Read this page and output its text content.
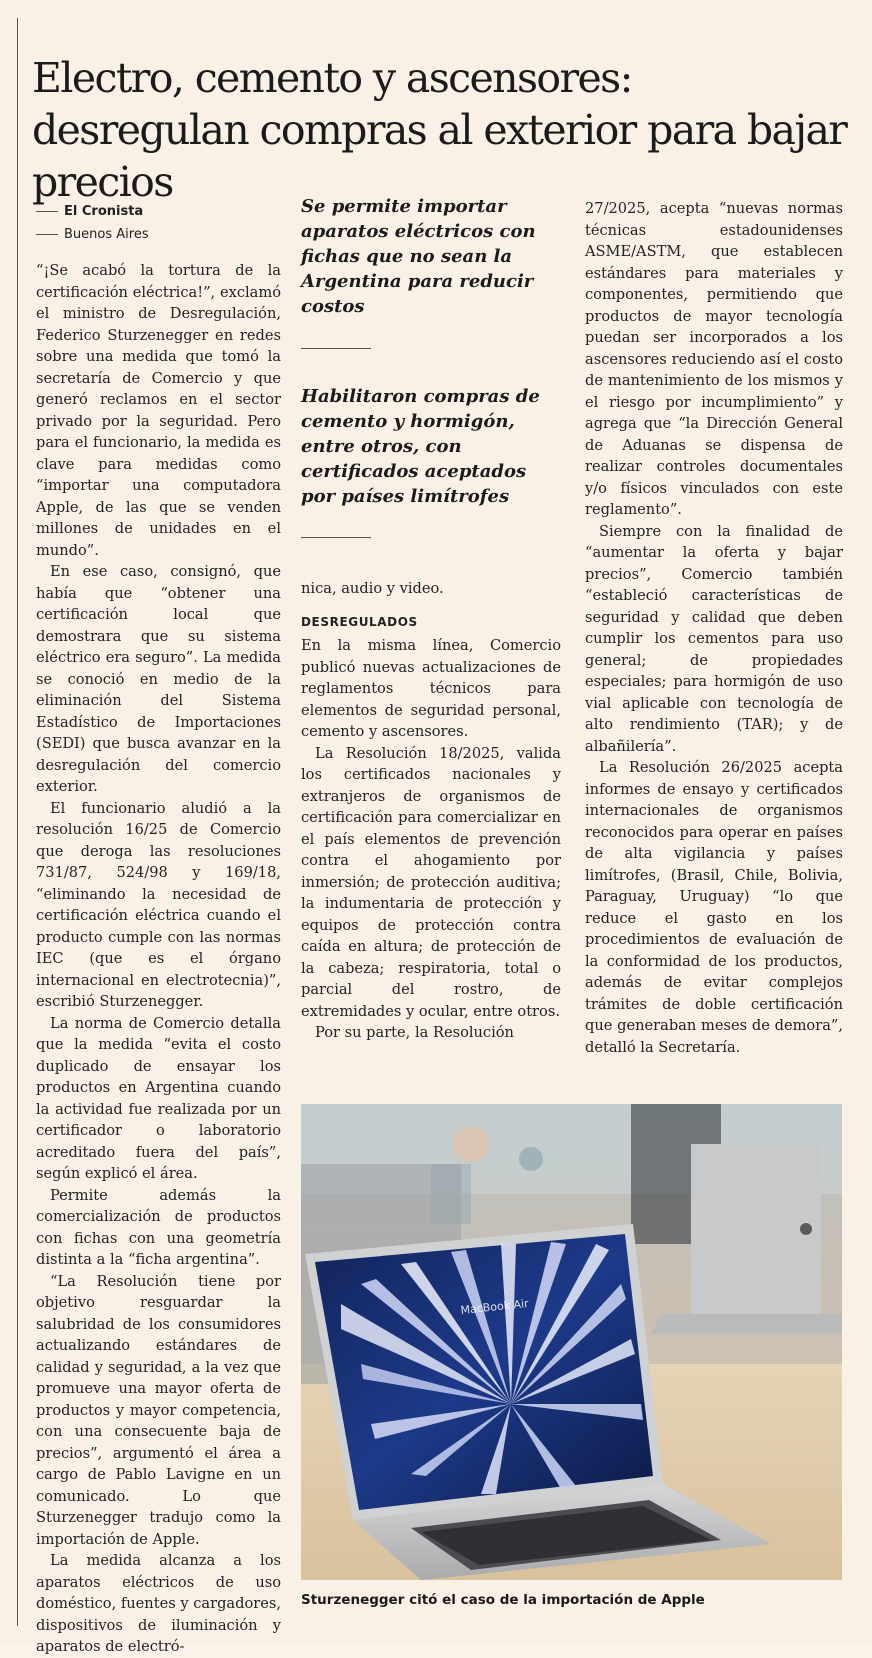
Electro, cemento y ascensores: desregulan compras al exterior para bajar precios
El Cronista
Buenos Aires

“¡Se acabó la tortura de la certificación eléctrica!”, exclamó el ministro de Desregulación, Federico Sturzenegger en redes sobre una medida que tomó la secretaría de Comercio y que generó reclamos en el sector privado por la seguridad. Pero para el funcionario, la medida es clave para medidas como “importar una computadora Apple, de las que se venden millones de unidades en el mundo”.

En ese caso, consignó, que había que “obtener una certificación local que demostrara que su sistema eléctrico era seguro”. La medida se conoció en medio de la eliminación del Sistema Estadístico de Importaciones (SEDI) que busca avanzar en la desregulación del comercio exterior.

El funcionario aludió a la resolución 16/25 de Comercio que deroga las resoluciones 731/87, 524/98 y 169/18, “eliminando la necesidad de certificación eléctrica cuando el producto cumple con las normas IEC (que es el órgano internacional en electrotecnia)”, escribió Sturzenegger.

La norma de Comercio detalla que la medida “evita el costo duplicado de ensayar los productos en Argentina cuando la actividad fue realizada por un certificador o laboratorio acreditado fuera del país”, según explicó el área.

Permite además la comercialización de productos con fichas con una geometría distinta a la “ficha argentina”.

“La Resolución tiene por objetivo resguardar la salubridad de los consumidores actualizando estándares de calidad y seguridad, a la vez que promueve una mayor oferta de productos y mayor competencia, con una consecuente baja de precios”, argumentó el área a cargo de Pablo Lavigne en un comunicado. Lo que Sturzenegger tradujo como la importación de Apple.

La medida alcanza a los aparatos eléctricos de uso doméstico, fuentes y cargadores, dispositivos de iluminación y aparatos de electró-

Se permite importar aparatos eléctricos con fichas que no sean la Argentina para reducir costos

Habilitaron compras de cemento y hormigón, entre otros, con certificados aceptados por países limítrofes

nica, audio y video.

DESREGULADOS

En la misma línea, Comercio publicó nuevas actualizaciones de reglamentos técnicos para elementos de seguridad personal, cemento y ascensores.

La Resolución 18/2025, valida los certificados nacionales y extranjeros de organismos de certificación para comercializar en el país elementos de prevención contra el ahogamiento por inmersión; de protección auditiva; la indumentaria de protección y equipos de protección contra caída en altura; de protección de la cabeza; respiratoria, total o parcial del rostro, de extremidades y ocular, entre otros.

Por su parte, la Resolución

27/2025, acepta “nuevas normas técnicas estadounidenses ASME/ASTM, que establecen estándares para materiales y componentes, permitiendo que productos de mayor tecnología puedan ser incorporados a los ascensores reduciendo así el costo de mantenimiento de los mismos y el riesgo por incumplimiento” y agrega que “la Dirección General de Aduanas se dispensa de realizar controles documentales y/o físicos vinculados con este reglamento”.

Siempre con la finalidad de “aumentar la oferta y bajar precios”, Comercio también “estableció características de seguridad y calidad que deben cumplir los cementos para uso general; de propiedades especiales; para hormigón de uso vial aplicable con tecnología de alto rendimiento (TAR); y de albañilería”.

La Resolución 26/2025 acepta informes de ensayo y certificados internacionales de organismos reconocidos para operar en países de alta vigilancia y países limítrofes, (Brasil, Chile, Bolivia, Paraguay, Uruguay) “lo que reduce el gasto en los procedimientos de evaluación de la conformidad de los productos, además de evitar complejos trámites de doble certificación que generaban meses de demora”, detalló la Secretaría.

MacBook Air
Sturzenegger citó el caso de la importación de Apple
